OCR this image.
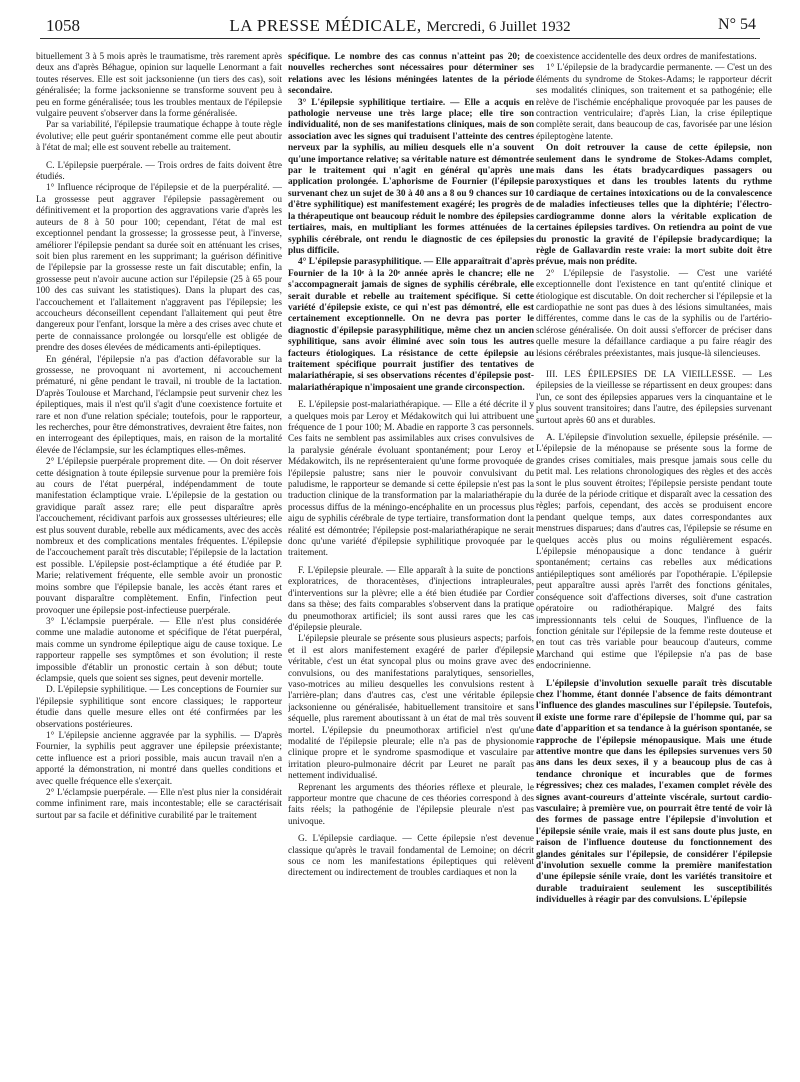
1058	LA PRESSE MÉDICALE, Mercredi, 6 Juillet 1932	N° 54

bituellement 3 à 5 mois après le traumatisme, très rarement après deux ans d'après Béhague, opinion sur laquelle Lenormant a fait toutes réserves. Elle est soit jacksonienne (un tiers des cas), soit généralisée; la forme jacksonienne se transforme souvent peu à peu en forme généralisée; tous les troubles mentaux de l'épilepsie vulgaire peuvent s'observer dans la forme généralisée.

Par sa variabilité, l'épilepsie traumatique échappe à toute règle évolutive; elle peut guérir spontanément comme elle peut aboutir à l'état de mal; elle est souvent rebelle au traitement.

C. L'épilepsie puerpérale. — Trois ordres de faits doivent être étudiés.

1° Influence réciproque de l'épilepsie et de la puerpéralité. — La grossesse peut aggraver l'épilepsie passagèrement ou définitivement et la proportion des aggravations varie d'après les auteurs de 8 à 50 pour 100; cependant, l'état de mal est exceptionnel pendant la grossesse; la grossesse peut, à l'inverse, améliorer l'épilepsie pendant sa durée soit en atténuant les crises, soit bien plus rarement en les supprimant; la guérison définitive de l'épilepsie par la grossesse reste un fait discutable; enfin, la grossesse peut n'avoir aucune action sur l'épilepsie (25 à 65 pour 100 des cas suivant les statistiques). Dans la plupart des cas, l'accouchement et l'allaitement n'aggravent pas l'épilepsie; les accoucheurs déconseillent cependant l'allaitement qui peut être dangereux pour l'enfant, lorsque la mère a des crises avec chute et perte de connaissance prolongée ou lorsqu'elle est obligée de prendre des doses élevées de médicaments anti-épileptiques.

En général, l'épilepsie n'a pas d'action défavorable sur la grossesse, ne provoquant ni avortement, ni accouchement prématuré, ni gêne pendant le travail, ni trouble de la lactation. D'après Toulouse et Marchand, l'éclampsie peut survenir chez les épileptiques, mais il n'est qu'il s'agit d'une coexistence fortuite et rare et non d'une relation spéciale; toutefois, pour le rapporteur, les recherches, pour être démonstratives, devraient être faites, non en interrogeant des épileptiques, mais, en raison de la mortalité élevée de l'éclampsie, sur les éclamptiques elles-mêmes.

2° L'épilepsie puerpérale proprement dite. — On doit réserver cette désignation à toute épilepsie survenue pour la première fois au cours de l'état puerpéral, indépendamment de toute manifestation éclamptique vraie. L'épilepsie de la gestation ou gravidique paraît assez rare; elle peut disparaître après l'accouchement, récidivant parfois aux grossesses ultérieures; elle est plus souvent durable, rebelle aux médicaments, avec des accès nombreux et des complications mentales fréquentes. L'épilepsie de l'accouchement paraît très discutable; l'épilepsie de la lactation est possible. L'épilepsie post-éclamptique a été étudiée par P. Marie; relativement fréquente, elle semble avoir un pronostic moins sombre que l'épilepsie banale, les accès étant rares et pouvant disparaître complètement. Enfin, l'infection peut provoquer une épilepsie post-infectieuse puerpérale.

3° L'éclampsie puerpérale. — Elle n'est plus considérée comme une maladie autonome et spécifique de l'état puerpéral, mais comme un syndrome épileptique aigu de cause toxique. Le rapporteur rappelle ses symptômes et son évolution; il reste impossible d'établir un pronostic certain à son début; toute éclampsie, quels que soient ses signes, peut devenir mortelle.

D. L'épilepsie syphilitique. — Les conceptions de Fournier sur l'épilepsie syphilitique sont encore classiques; le rapporteur étudie dans quelle mesure elles ont été confirmées par les observations postérieures.

1° L'épilepsie ancienne aggravée par la syphilis. — D'après Fournier, la syphilis peut aggraver une épilepsie préexistante; cette influence est a priori possible, mais aucun travail n'en a apporté la démonstration, ni montré dans quelles conditions et avec quelle fréquence elle s'exerçait.

2° L'éclampsie puerpérale. — Elle n'est plus nier la considérait comme infiniment rare, mais incontestable; elle se caractérisait surtout par sa facile et définitive curabilité par le traitement

spécifique. Le nombre des cas connus n'atteint pas 20; de nouvelles recherches sont nécessaires pour déterminer ses relations avec les lésions méningées latentes de la période secondaire.

3° L'épilepsie syphilitique tertiaire. — Elle a acquis en pathologie nerveuse une très large place; elle tire son individualité, non de ses manifestations cliniques, mais de son association avec les signes qui traduisent l'atteinte des centres nerveux par la syphilis, au milieu desquels elle n'a souvent qu'une importance relative; sa véritable nature est démontrée par le traitement qui n'agit en général qu'après une application prolongée. L'aphorisme de Fournier (l'épilepsie survenant chez un sujet de 30 à 40 ans a 8 ou 9 chances sur 10 d'être syphilitique) est manifestement exagéré; les progrès de la thérapeutique ont beaucoup réduit le nombre des épilepsies tertiaires, mais, en multipliant les formes atténuées de la syphilis cérébrale, ont rendu le diagnostic de ces épilepsies plus difficile.

4° L'épilepsie parasyphilitique. — Elle apparaîtrait d'après Fournier de la 10ᵉ à la 20ᵉ année après le chancre; elle ne s'accompagnerait jamais de signes de syphilis cérébrale, elle serait durable et rebelle au traitement spécifique. Si cette variété d'épilepsie existe, ce qui n'est pas démontré, elle est certainement exceptionnelle. On ne devra pas porter le diagnostic d'épilepsie parasyphilitique, même chez un ancien syphilitique, sans avoir éliminé avec soin tous les autres facteurs étiologiques. La résistance de cette épilepsie au traitement spécifique pourrait justifier des tentatives de malariathérapie, si ses observations récentes d'épilepsie post-malariathérapique n'imposaient une grande circonspection.

E. L'épilepsie post-malariathérapique. — Elle a été décrite il y a quelques mois par Leroy et Médakowitch qui lui attribuent une fréquence de 1 pour 100; M. Abadie en rapporte 3 cas personnels. Ces faits ne semblent pas assimilables aux crises convulsives de la paralysie générale évoluant spontanément; pour Leroy et Médakowitch, ils ne représenteraient qu'une forme provoquée de l'épilepsie palustre; sans nier le pouvoir convulsivant du paludisme, le rapporteur se demande si cette épilepsie n'est pas la traduction clinique de la transformation par la malariathérapie du processus diffus de la méningo-encéphalite en un processus plus aigu de syphilis cérébrale de type tertiaire, transformation dont la réalité est démontrée; l'épilepsie post-malariathérapique ne serait donc qu'une variété d'épilepsie syphilitique provoquée par le traitement.

F. L'épilepsie pleurale. — Elle apparaît à la suite de ponctions exploratrices, de thoracentèses, d'injections intrapleurales, d'interventions sur la plèvre; elle a été bien étudiée par Cordier dans sa thèse; des faits comparables s'observent dans la pratique du pneumothorax artificiel; ils sont aussi rares que les cas d'épilepsie pleurale.

L'épilepsie pleurale se présente sous plusieurs aspects; parfois, et il est alors manifestement exagéré de parler d'épilepsie véritable, c'est un état syncopal plus ou moins grave avec des convulsions, ou des manifestations paralytiques, sensorielles, vaso-motrices au milieu desquelles les convulsions restent à l'arrière-plan; dans d'autres cas, c'est une véritable épilepsie jacksonienne ou généralisée, habituellement transitoire et sans séquelle, plus rarement aboutissant à un état de mal très souvent mortel. L'épilepsie du pneumothorax artificiel n'est qu'une modalité de l'épilepsie pleurale; elle n'a pas de physionomie clinique propre et le syndrome spasmodique et vasculaire par irritation pleuro-pulmonaire décrit par Leuret ne paraît pas nettement individualisé.

Reprenant les arguments des théories réflexe et pleurale, le rapporteur montre que chacune de ces théories correspond à des faits réels; la pathogénie de l'épilepsie pleurale n'est pas univoque.

G. L'épilepsie cardiaque. — Cette épilepsie n'est devenue classique qu'après le travail fondamental de Lemoine; on décrit sous ce nom les manifestations épileptiques qui relèvent directement ou indirectement de troubles cardiaques et non la

coexistence accidentelle des deux ordres de manifestations.

1° L'épilepsie de la bradycardie permanente. — C'est un des éléments du syndrome de Stokes-Adams; le rapporteur décrit ses modalités cliniques, son traitement et sa pathogénie; elle relève de l'ischémie encéphalique provoquée par les pauses de contraction ventriculaire; d'après Lian, la crise épileptique complète serait, dans beaucoup de cas, favorisée par une lésion épileptogène latente.

On doit retrouver la cause de cette épilepsie, non seulement dans le syndrome de Stokes-Adams complet, mais dans les états bradycardiques passagers ou paroxystiques et dans les troubles latents du rythme cardiaque de certaines intoxications ou de la convalescence de maladies infectieuses telles que la diphtérie; l'électro-cardiogramme donne alors la véritable explication de certaines épilepsies tardives. On retiendra au point de vue du pronostic la gravité de l'épilepsie bradycardique; la règle de Gallavardin reste vraie: la mort subite doit être prévue, mais non prédite.

2° L'épilepsie de l'asystolie. — C'est une variété exceptionnelle dont l'existence en tant qu'entité clinique et étiologique est discutable. On doit rechercher si l'épilepsie et la cardiopathie ne sont pas dues à des lésions simultanées, mais différentes, comme dans le cas de la syphilis ou de l'artério-sclérose généralisée. On doit aussi s'efforcer de préciser dans quelle mesure la défaillance cardiaque a pu faire réagir des lésions cérébrales préexistantes, mais jusque-là silencieuses.

III. LES ÉPILEPSIES DE LA VIEILLESSE. — Les épilepsies de la vieillesse se répartissent en deux groupes: dans l'un, ce sont des épilepsies apparues vers la cinquantaine et le plus souvent transitoires; dans l'autre, des épilepsies survenant surtout après 60 ans et durables.

A. L'épilepsie d'involution sexuelle, épilepsie présénile. — L'épilepsie de la ménopause se présente sous la forme de grandes crises comitiales, mais presque jamais sous celle du petit mal. Les relations chronologiques des règles et des accès sont le plus souvent étroites; l'épilepsie persiste pendant toute la durée de la période critique et disparaît avec la cessation des règles; parfois, cependant, des accès se produisent encore pendant quelque temps, aux dates correspondantes aux menstrues disparues; dans d'autres cas, l'épilepsie se résume en quelques accès plus ou moins régulièrement espacés. L'épilepsie ménopausique a donc tendance à guérir spontanément; certains cas rebelles aux médications antiépileptiques sont améliorés par l'opothérapie. L'épilepsie peut apparaître aussi après l'arrêt des fonctions génitales, conséquence soit d'affections diverses, soit d'une castration opératoire ou radiothérapique. Malgré des faits impressionnants tels celui de Souques, l'influence de la fonction génitale sur l'épilepsie de la femme reste douteuse et en tout cas très variable pour beaucoup d'auteurs, comme Marchand qui estime que l'épilepsie n'a pas de base endocrinienne.

L'épilepsie d'involution sexuelle paraît très discutable chez l'homme, étant donnée l'absence de faits démontrant l'influence des glandes masculines sur l'épilepsie. Toutefois, il existe une forme rare d'épilepsie de l'homme qui, par sa date d'apparition et sa tendance à la guérison spontanée, se rapproche de l'épilepsie ménopausique. Mais une étude attentive montre que dans les épilepsies survenues vers 50 ans dans les deux sexes, il y a beaucoup plus de cas à tendance chronique et incurables que de formes régressives; chez ces malades, l'examen complet révèle des signes avant-coureurs d'atteinte viscérale, surtout cardio-vasculaire; à première vue, on pourrait être tenté de voir là des formes de passage entre l'épilepsie d'involution et l'épilepsie sénile vraie, mais il est sans doute plus juste, en raison de l'influence douteuse du fonctionnement des glandes génitales sur l'épilepsie, de considérer l'épilepsie d'involution sexuelle comme la première manifestation d'une épilepsie sénile vraie, dont les variétés transitoire et durable traduiraient seulement les susceptibilités individuelles à réagir par des convulsions. L'épilepsie
